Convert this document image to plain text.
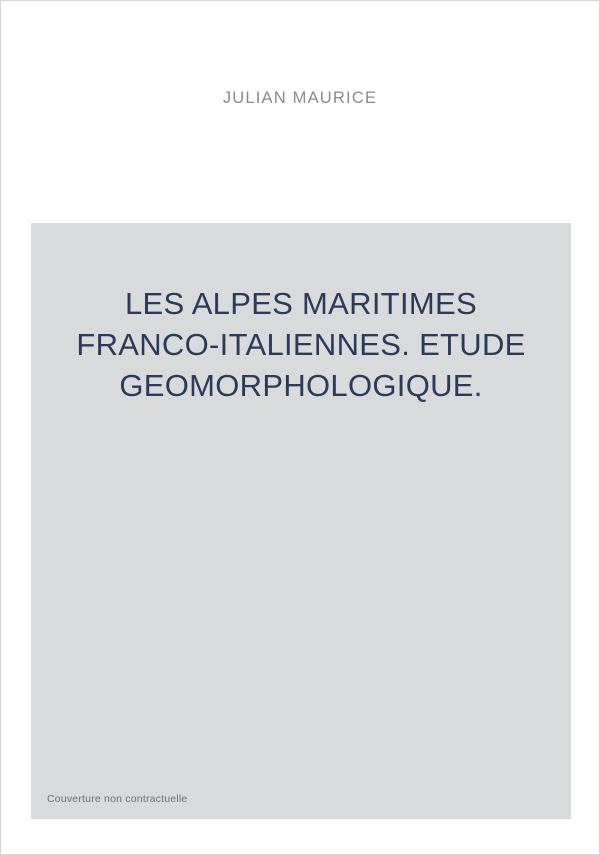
JULIAN MAURICE
LES ALPES MARITIMES FRANCO-ITALIENNES. ETUDE GEOMORPHOLOGIQUE.
Couverture non contractuelle
